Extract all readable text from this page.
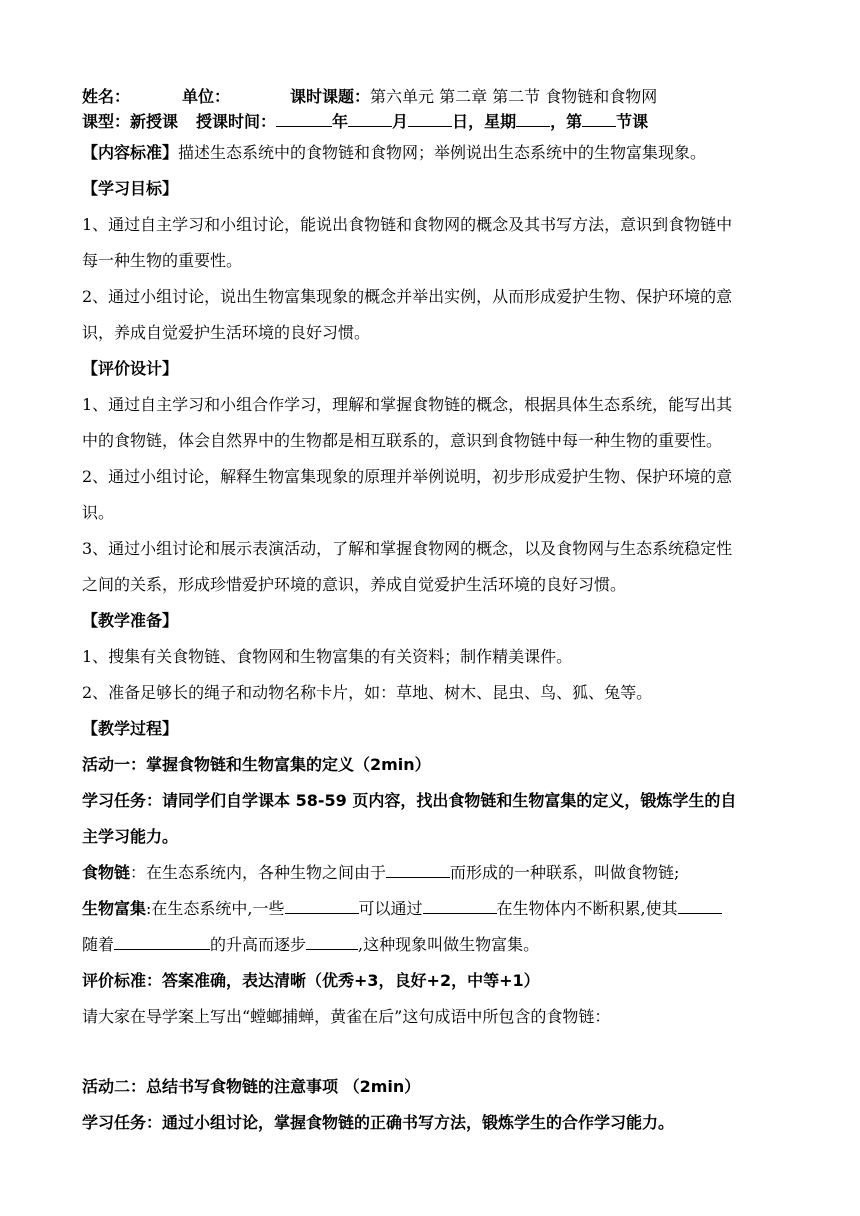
姓名：	单位：	课时课题：第六单元 第二章 第二节 食物链和食物网
课型：新授课 授课时间：	年	月	日，星期 ，第 节课
【内容标准】描述生态系统中的食物链和食物网；举例说出生态系统中的生物富集现象。
【学习目标】
1、通过自主学习和小组讨论，能说出食物链和食物网的概念及其书写方法，意识到食物链中
每一种生物的重要性。
2、通过小组讨论，说出生物富集现象的概念并举出实例，从而形成爱护生物、保护环境的意
识，养成自觉爱护生活环境的良好习惯。
【评价设计】
1、通过自主学习和小组合作学习，理解和掌握食物链的概念，根据具体生态系统，能写出其
中的食物链，体会自然界中的生物都是相互联系的，意识到食物链中每一种生物的重要性。
2、通过小组讨论，解释生物富集现象的原理并举例说明，初步形成爱护生物、保护环境的意
识。
3、通过小组讨论和展示表演活动，了解和掌握食物网的概念，以及食物网与生态系统稳定性
之间的关系，形成珍惜爱护环境的意识，养成自觉爱护生活环境的良好习惯。
【教学准备】
1、搜集有关食物链、食物网和生物富集的有关资料；制作精美课件。
2、准备足够长的绳子和动物名称卡片，如：草地、树木、昆虫、鸟、狐、兔等。
【教学过程】
活动一：掌握食物链和生物富集的定义（2min）
学习任务：请同学们自学课本 58-59 页内容，找出食物链和生物富集的定义，锻炼学生的自
主学习能力。
食物链：在生态系统内，各种生物之间由于	而形成的一种联系，叫做食物链;
生物富集:在生态系统中,一些	可以通过	在生物体内不断积累,使其
随着	的升高而逐步	,这种现象叫做生物富集。
评价标准：答案准确，表达清晰（优秀+3，良好+2，中等+1）
请大家在导学案上写出“螳螂捕蝉，黄雀在后”这句成语中所包含的食物链：
活动二：总结书写食物链的注意事项 （2min）
学习任务：通过小组讨论，掌握食物链的正确书写方法，锻炼学生的合作学习能力。
